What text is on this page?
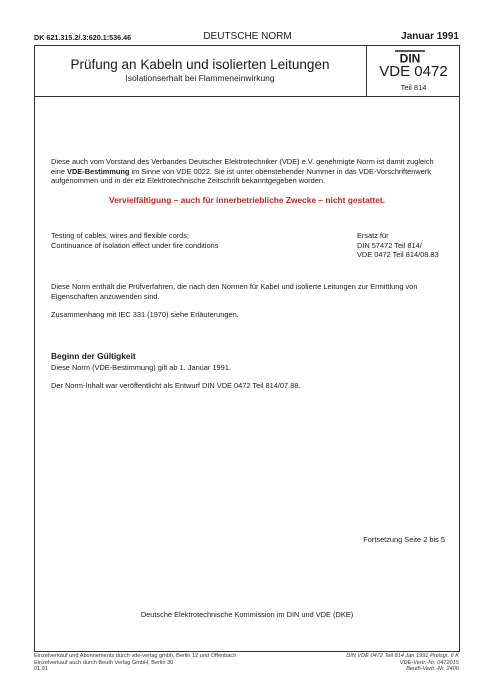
DK 621.315.2/.3:620.1:536.46	DEUTSCHE NORM	Januar 1991
Prüfung an Kabeln und isolierten Leitungen
Isolationserhalt bei Flammeneinwirkung
DIN
VDE 0472
Teil 814
Diese auch vom Vorstand des Verbandes Deutscher Elektrotechniker (VDE) e.V. genehmigte Norm ist damit zugleich eine VDE-Bestimmung im Sinne von VDE 0022. Sie ist unter obenstehender Nummer in das VDE-Vorschriftenwerk aufgenommen und in der etz Elektrotechnische Zeitschrift bekanntgegeben worden.
Vervielfältigung – auch für innerbetriebliche Zwecke – nicht gestattet.
Testing of cables, wires and flexible cords;
Continuance of isolation effect under fire conditions
Ersatz für
DIN 57472 Teil 814/
VDE 0472 Teil 814/08.83
Diese Norm enthält die Prüfverfahren, die nach den Normen für Kabel und isolierte Leitungen zur Ermittlung von Eigenschaften anzuwenden sind.
Zusammenhang mit IEC 331 (1970) siehe Erläuterungen.
Beginn der Gültigkeit
Diese Norm (VDE-Bestimmung) gilt ab 1. Januar 1991.
Der Norm-Inhalt war veröffentlicht als Entwurf DIN VDE 0472 Teil 814/07.88.
Fortsetzung Seite 2 bis 5
Deutsche Elektrotechnische Kommission im DIN und VDE (DKE)
Einzelverkauf und Abonnements durch vde-verlag gmbh, Berlin 12 und Offenbach
Einzelverkauf auch durch Beuth Verlag GmbH, Berlin 30
01.91
DIN VDE 0472 Teil 814 Jan 1991 Preisgr. 6 K
VDE-Vertr.-Nr. 0472015
Beuth-Vertr.-Nr. 2406
